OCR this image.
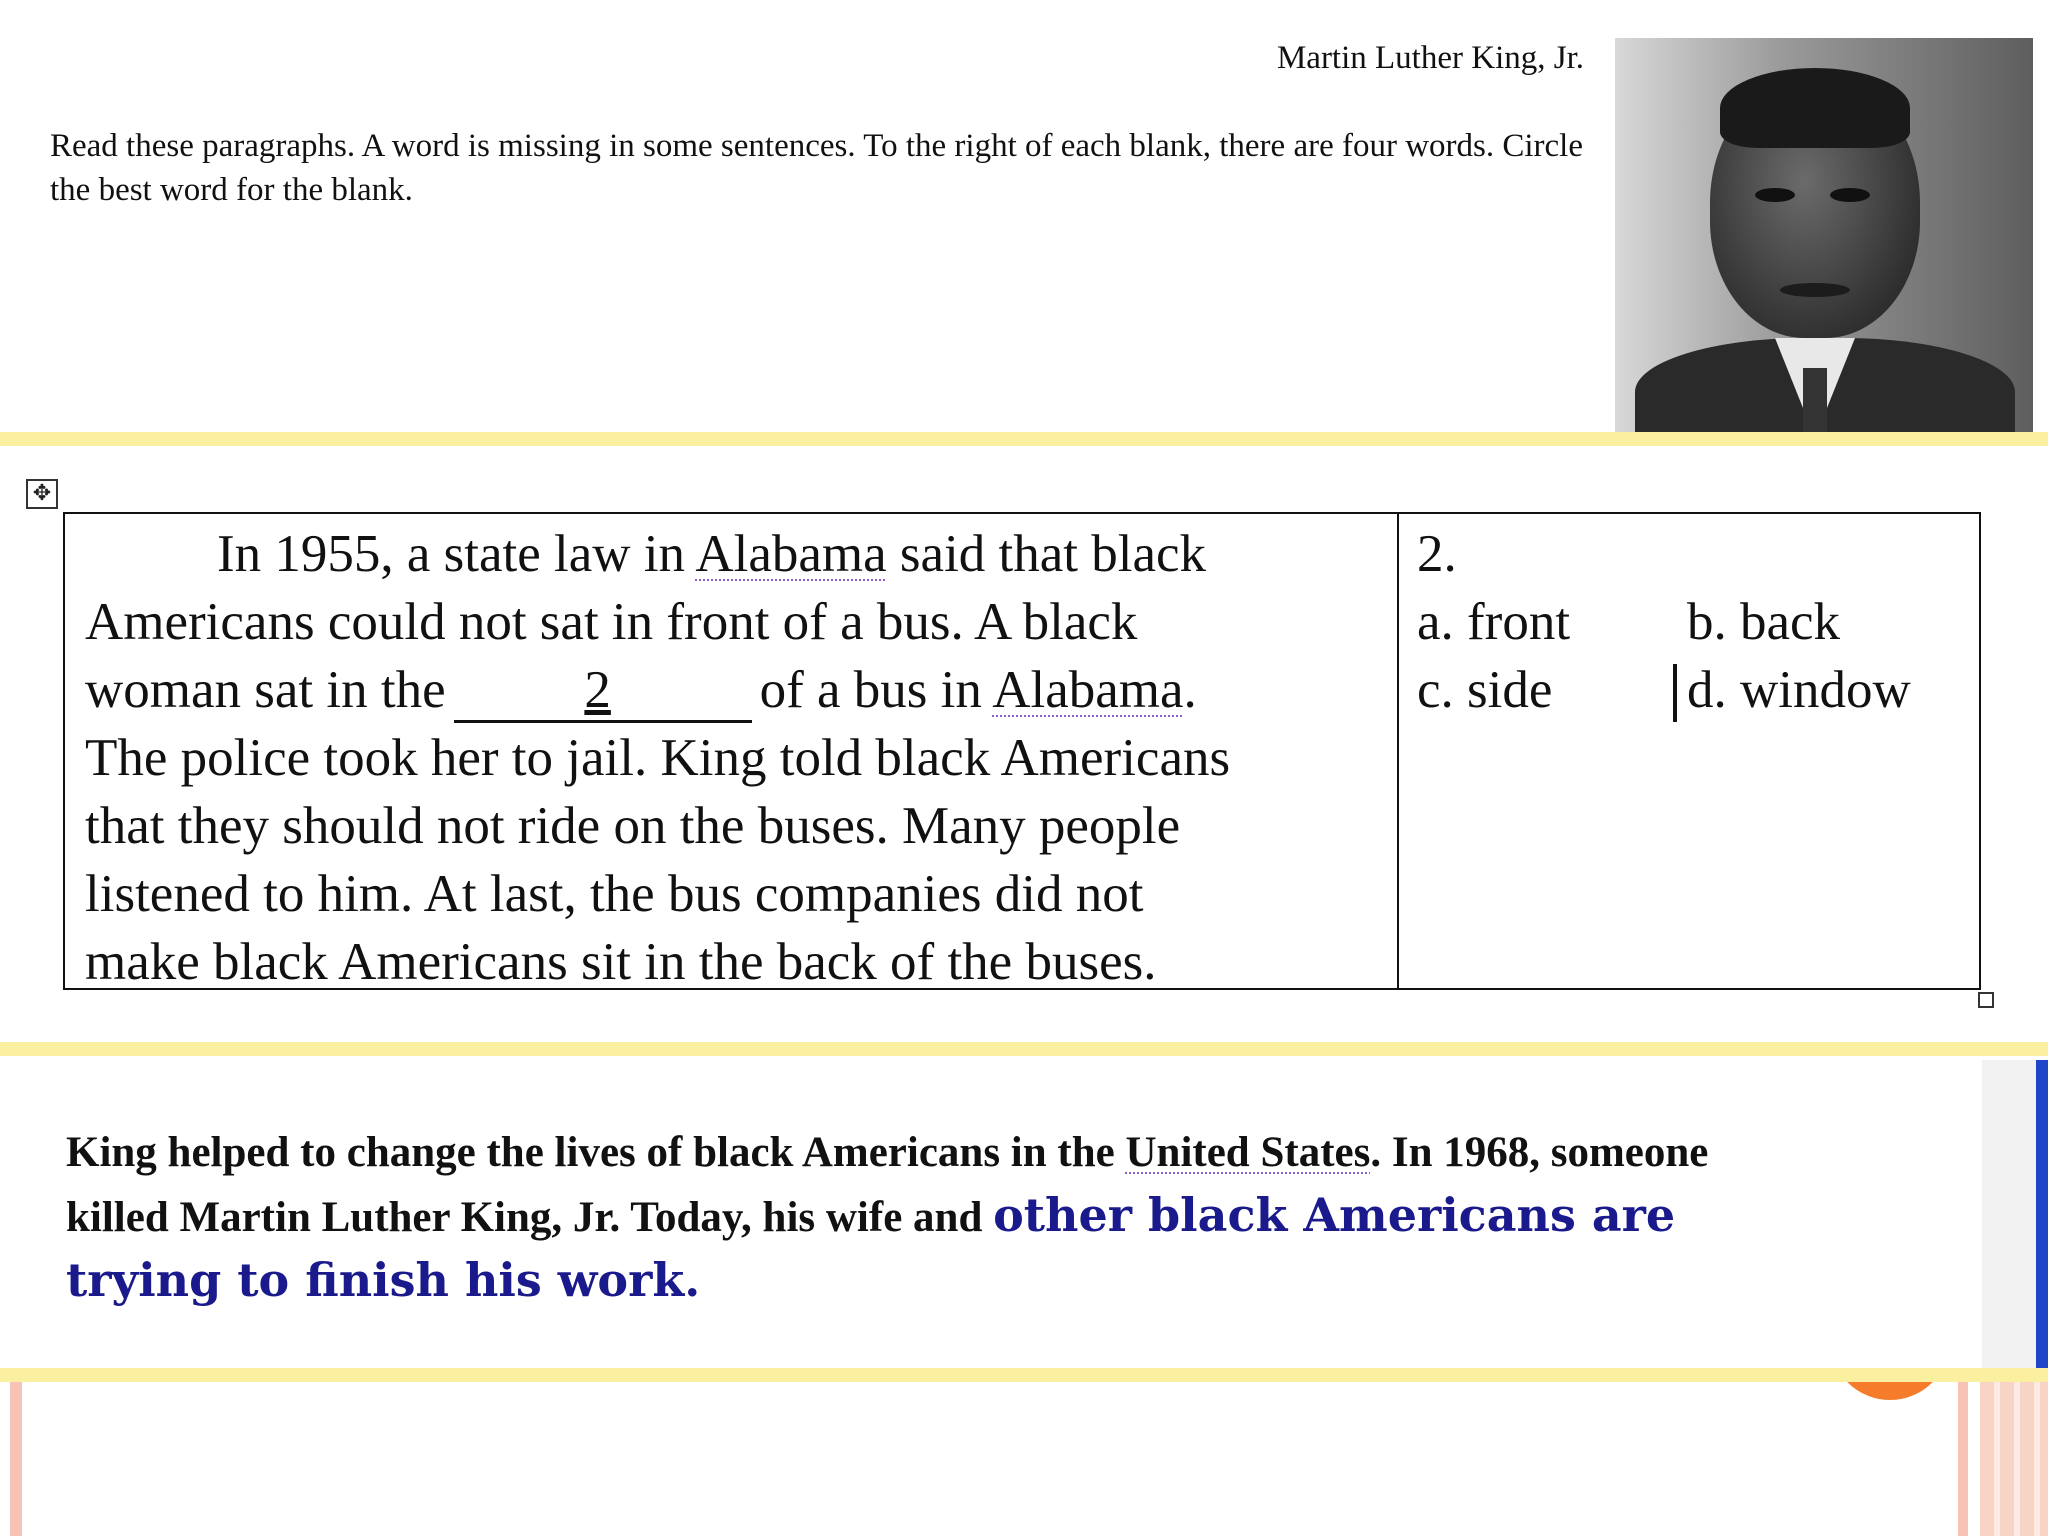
Martin Luther King, Jr.
Read these paragraphs. A word is missing in some sentences. To the right of each blank, there are four words. Circle the best word for the blank.
✥
In 1955, a state law in Alabama said that black
Americans could not sat in front of a bus. A black
woman sat in the	2	of a bus in Alabama.
The police took her to jail. King told black Americans
that they should not ride on the buses. Many people
listened to him. At last, the bus companies did not
make black Americans sit in the back of the buses.
2.
a. front	b. back
c. side	d. window
King helped to change the lives of black Americans in the United States. In 1968, someone killed Martin Luther King, Jr. Today, his wife and other black Americans are trying to finish his work.
